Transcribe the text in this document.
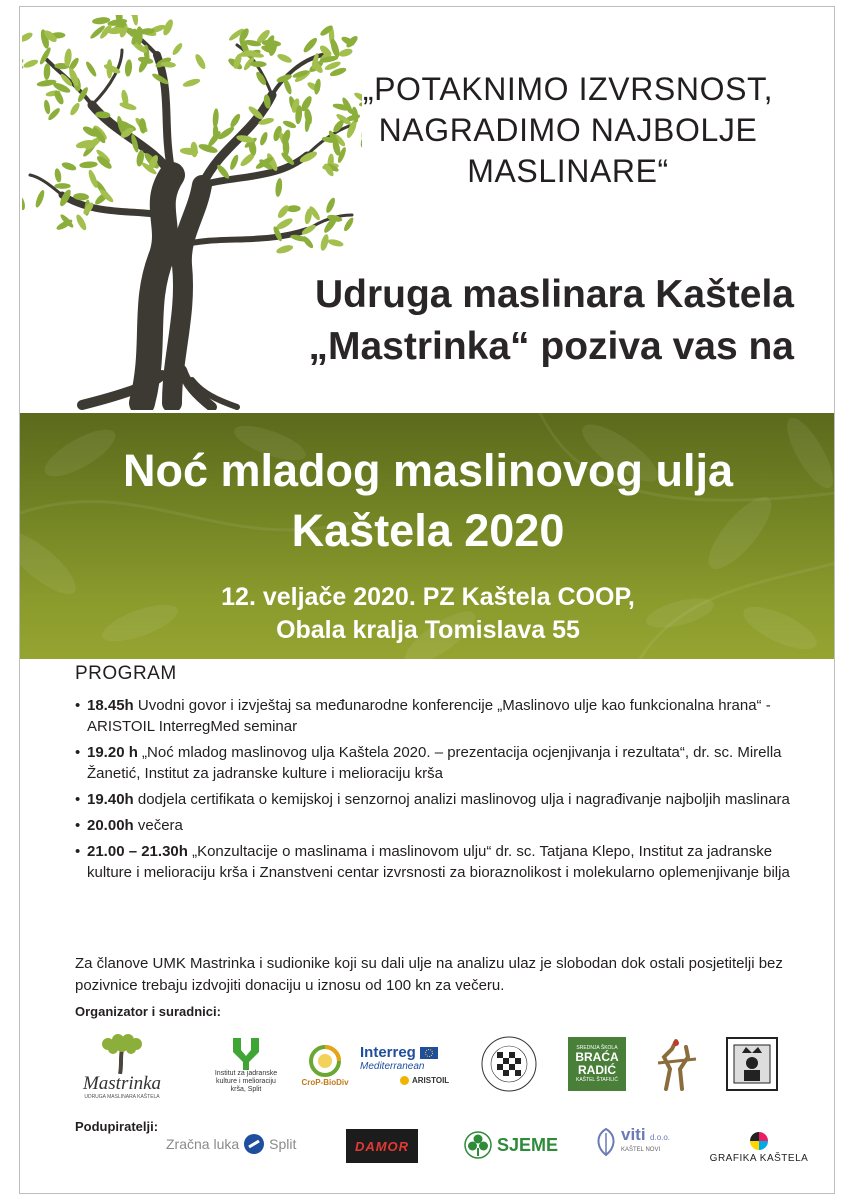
„POTAKNIMO IZVRSNOST,
NAGRADIMO NAJBOLJE
MASLINARE“
Udruga maslinara Kaštela
„Mastrinka“ poziva vas na
Noć mladog maslinovog ulja
Kaštela 2020
12. veljače 2020. PZ Kaštela COOP,
Obala kralja Tomislava 55
PROGRAM
• 18.45h Uvodni govor i izvještaj sa međunarodne konferencije „Maslinovo ulje kao funkcionalna hrana“ - ARISTOIL InterregMed seminar
• 19.20 h „Noć mladog maslinovog ulja Kaštela 2020. – prezentacija ocjenjivanja i rezultata“, dr. sc. Mirella Žanetić, Institut za jadranske kulture i melioraciju krša
• 19.40h dodjela certifikata o kemijskoj i senzornoj analizi maslinovog ulja i nagrađivanje najboljih maslinara
• 20.00h večera
• 21.00 – 21.30h „Konzultacije o maslinama i maslinovom ulju“ dr. sc. Tatjana Klepo, Institut za jadranske kulture i melioraciju krša i Znanstveni centar izvrsnosti za bioraznolikost i molekularno oplemenjivanje bilja
Za članove UMK Mastrinka i sudionike koji su dali ulje na analizu ulaz je slobodan dok ostali posjetitelji bez pozivnice trebaju izdvojiti donaciju u iznosu od 100 kn za večeru.
Organizator i suradnici:
Mastrinka
UDRUGA MASLINARA KAŠTELA
Institut za jadranske
kulture i melioraciju
krša, Split
CroP-BioDiv
Interreg
Mediterranean
ARISTOIL
SREDNJA ŠKOLA
BRAĆA
RADIĆ
KAŠTEL ŠTAFILIĆ
Podupiratelji:
Zračna luka Split	DAMOR	SJEME
viti d.o.o.
KAŠTEL NOVI
GRAFIKA KAŠTELA
